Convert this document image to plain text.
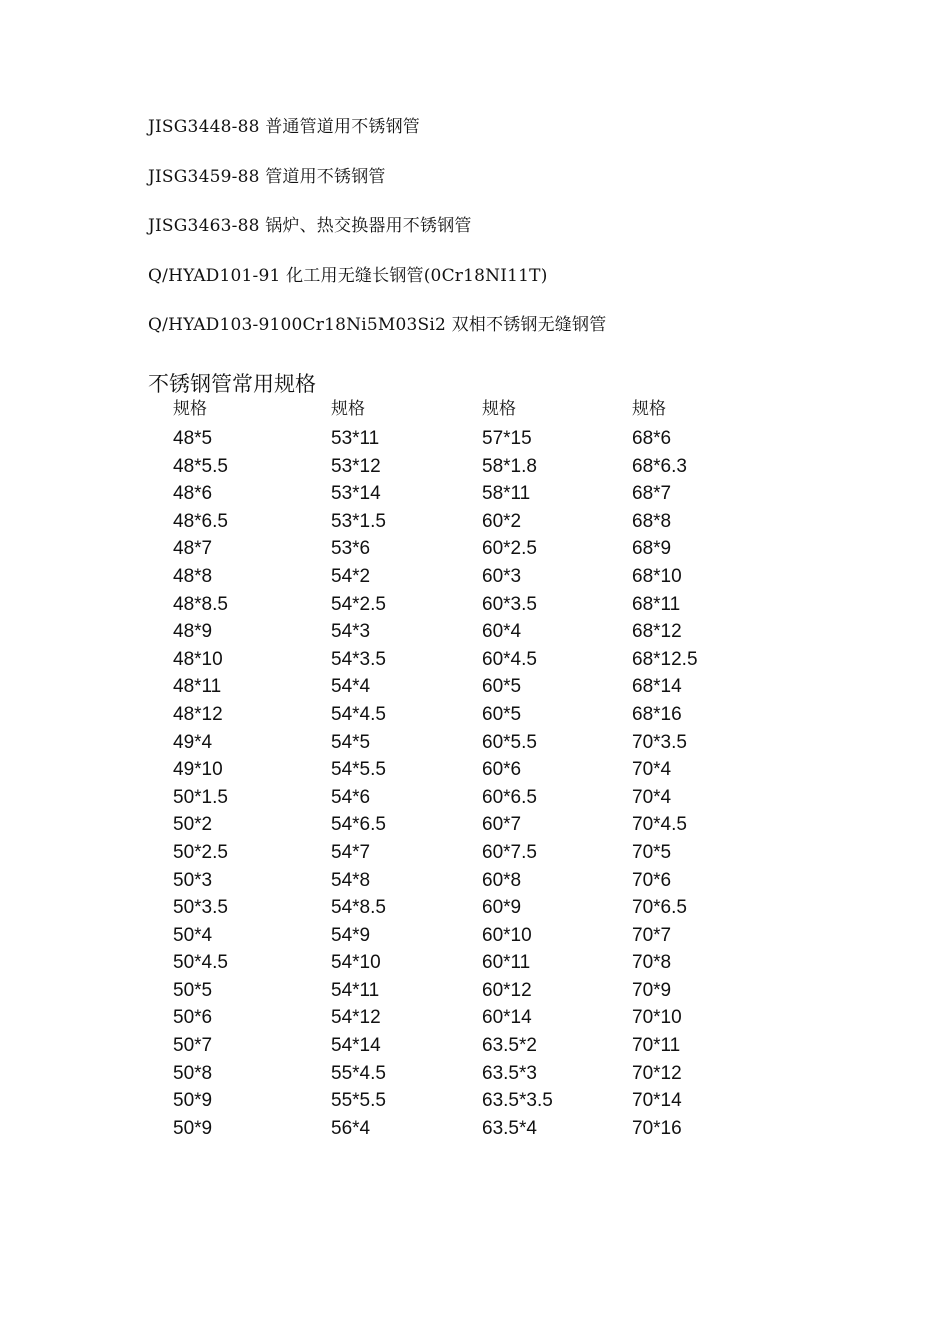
JISG3448-88 普通管道用不锈钢管
JISG3459-88 管道用不锈钢管
JISG3463-88 锅炉、热交换器用不锈钢管
Q/HYAD101-91 化工用无缝长钢管(0Cr18NI11T)
Q/HYAD103-9100Cr18Ni5M03Si2 双相不锈钢无缝钢管
不锈钢管常用规格
规格
48*5
48*5.5
48*6
48*6.5
48*7
48*8
48*8.5
48*9
48*10
48*11
48*12
49*4
49*10
50*1.5
50*2
50*2.5
50*3
50*3.5
50*4
50*4.5
50*5
50*6
50*7
50*8
50*9
50*9
规格
53*11
53*12
53*14
53*1.5
53*6
54*2
54*2.5
54*3
54*3.5
54*4
54*4.5
54*5
54*5.5
54*6
54*6.5
54*7
54*8
54*8.5
54*9
54*10
54*11
54*12
54*14
55*4.5
55*5.5
56*4
规格
57*15
58*1.8
58*11
60*2
60*2.5
60*3
60*3.5
60*4
60*4.5
60*5
60*5
60*5.5
60*6
60*6.5
60*7
60*7.5
60*8
60*9
60*10
60*11
60*12
60*14
63.5*2
63.5*3
63.5*3.5
63.5*4
规格
68*6
68*6.3
68*7
68*8
68*9
68*10
68*11
68*12
68*12.5
68*14
68*16
70*3.5
70*4
70*4
70*4.5
70*5
70*6
70*6.5
70*7
70*8
70*9
70*10
70*11
70*12
70*14
70*16
